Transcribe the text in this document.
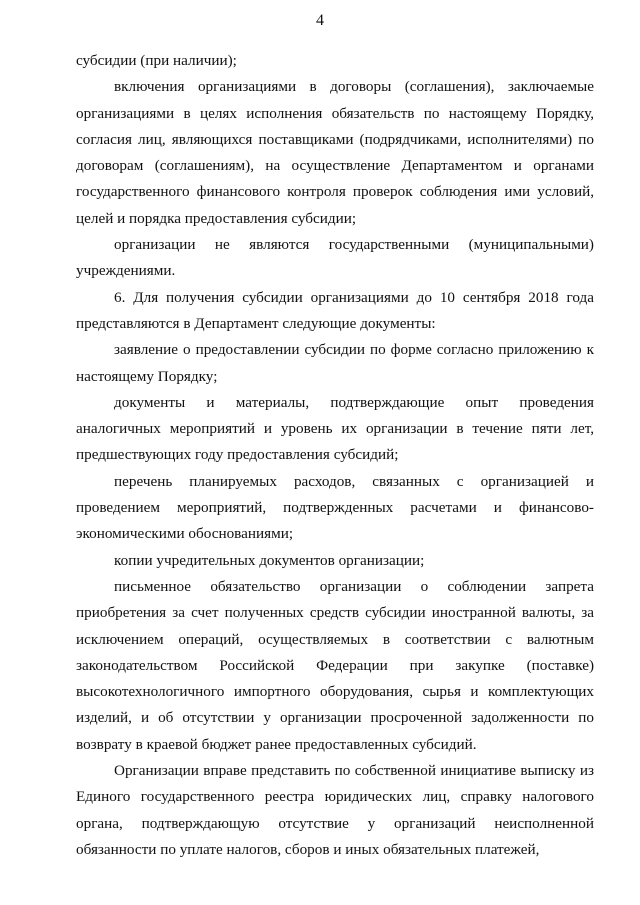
4

субсидии (при наличии);

включения организациями в договоры (соглашения), заключаемые организациями в целях исполнения обязательств по настоящему Порядку, согласия лиц, являющихся поставщиками (подрядчиками, исполнителями) по договорам (соглашениям), на осуществление Департаментом и органами государственного финансового контроля проверок соблюдения ими условий, целей и порядка предоставления субсидии;

организации не являются государственными (муниципальными) учреждениями.

6. Для получения субсидии организациями до 10 сентября 2018 года представляются в Департамент следующие документы:

заявление о предоставлении субсидии по форме согласно приложению к настоящему Порядку;

документы и материалы, подтверждающие опыт проведения аналогичных мероприятий и уровень их организации в течение пяти лет, предшествующих году предоставления субсидий;

перечень планируемых расходов, связанных с организацией и проведением мероприятий, подтвержденных расчетами и финансово-экономическими обоснованиями;

копии учредительных документов организации;

письменное обязательство организации о соблюдении запрета приобретения за счет полученных средств субсидии иностранной валюты, за исключением операций, осуществляемых в соответствии с валютным законодательством Российской Федерации при закупке (поставке) высокотехнологичного импортного оборудования, сырья и комплектующих изделий, и об отсутствии у организации просроченной задолженности по возврату в краевой бюджет ранее предоставленных субсидий.

Организации вправе представить по собственной инициативе выписку из Единого государственного реестра юридических лиц, справку налогового органа, подтверждающую отсутствие у организаций неисполненной обязанности по уплате налогов, сборов и иных обязательных платежей,
